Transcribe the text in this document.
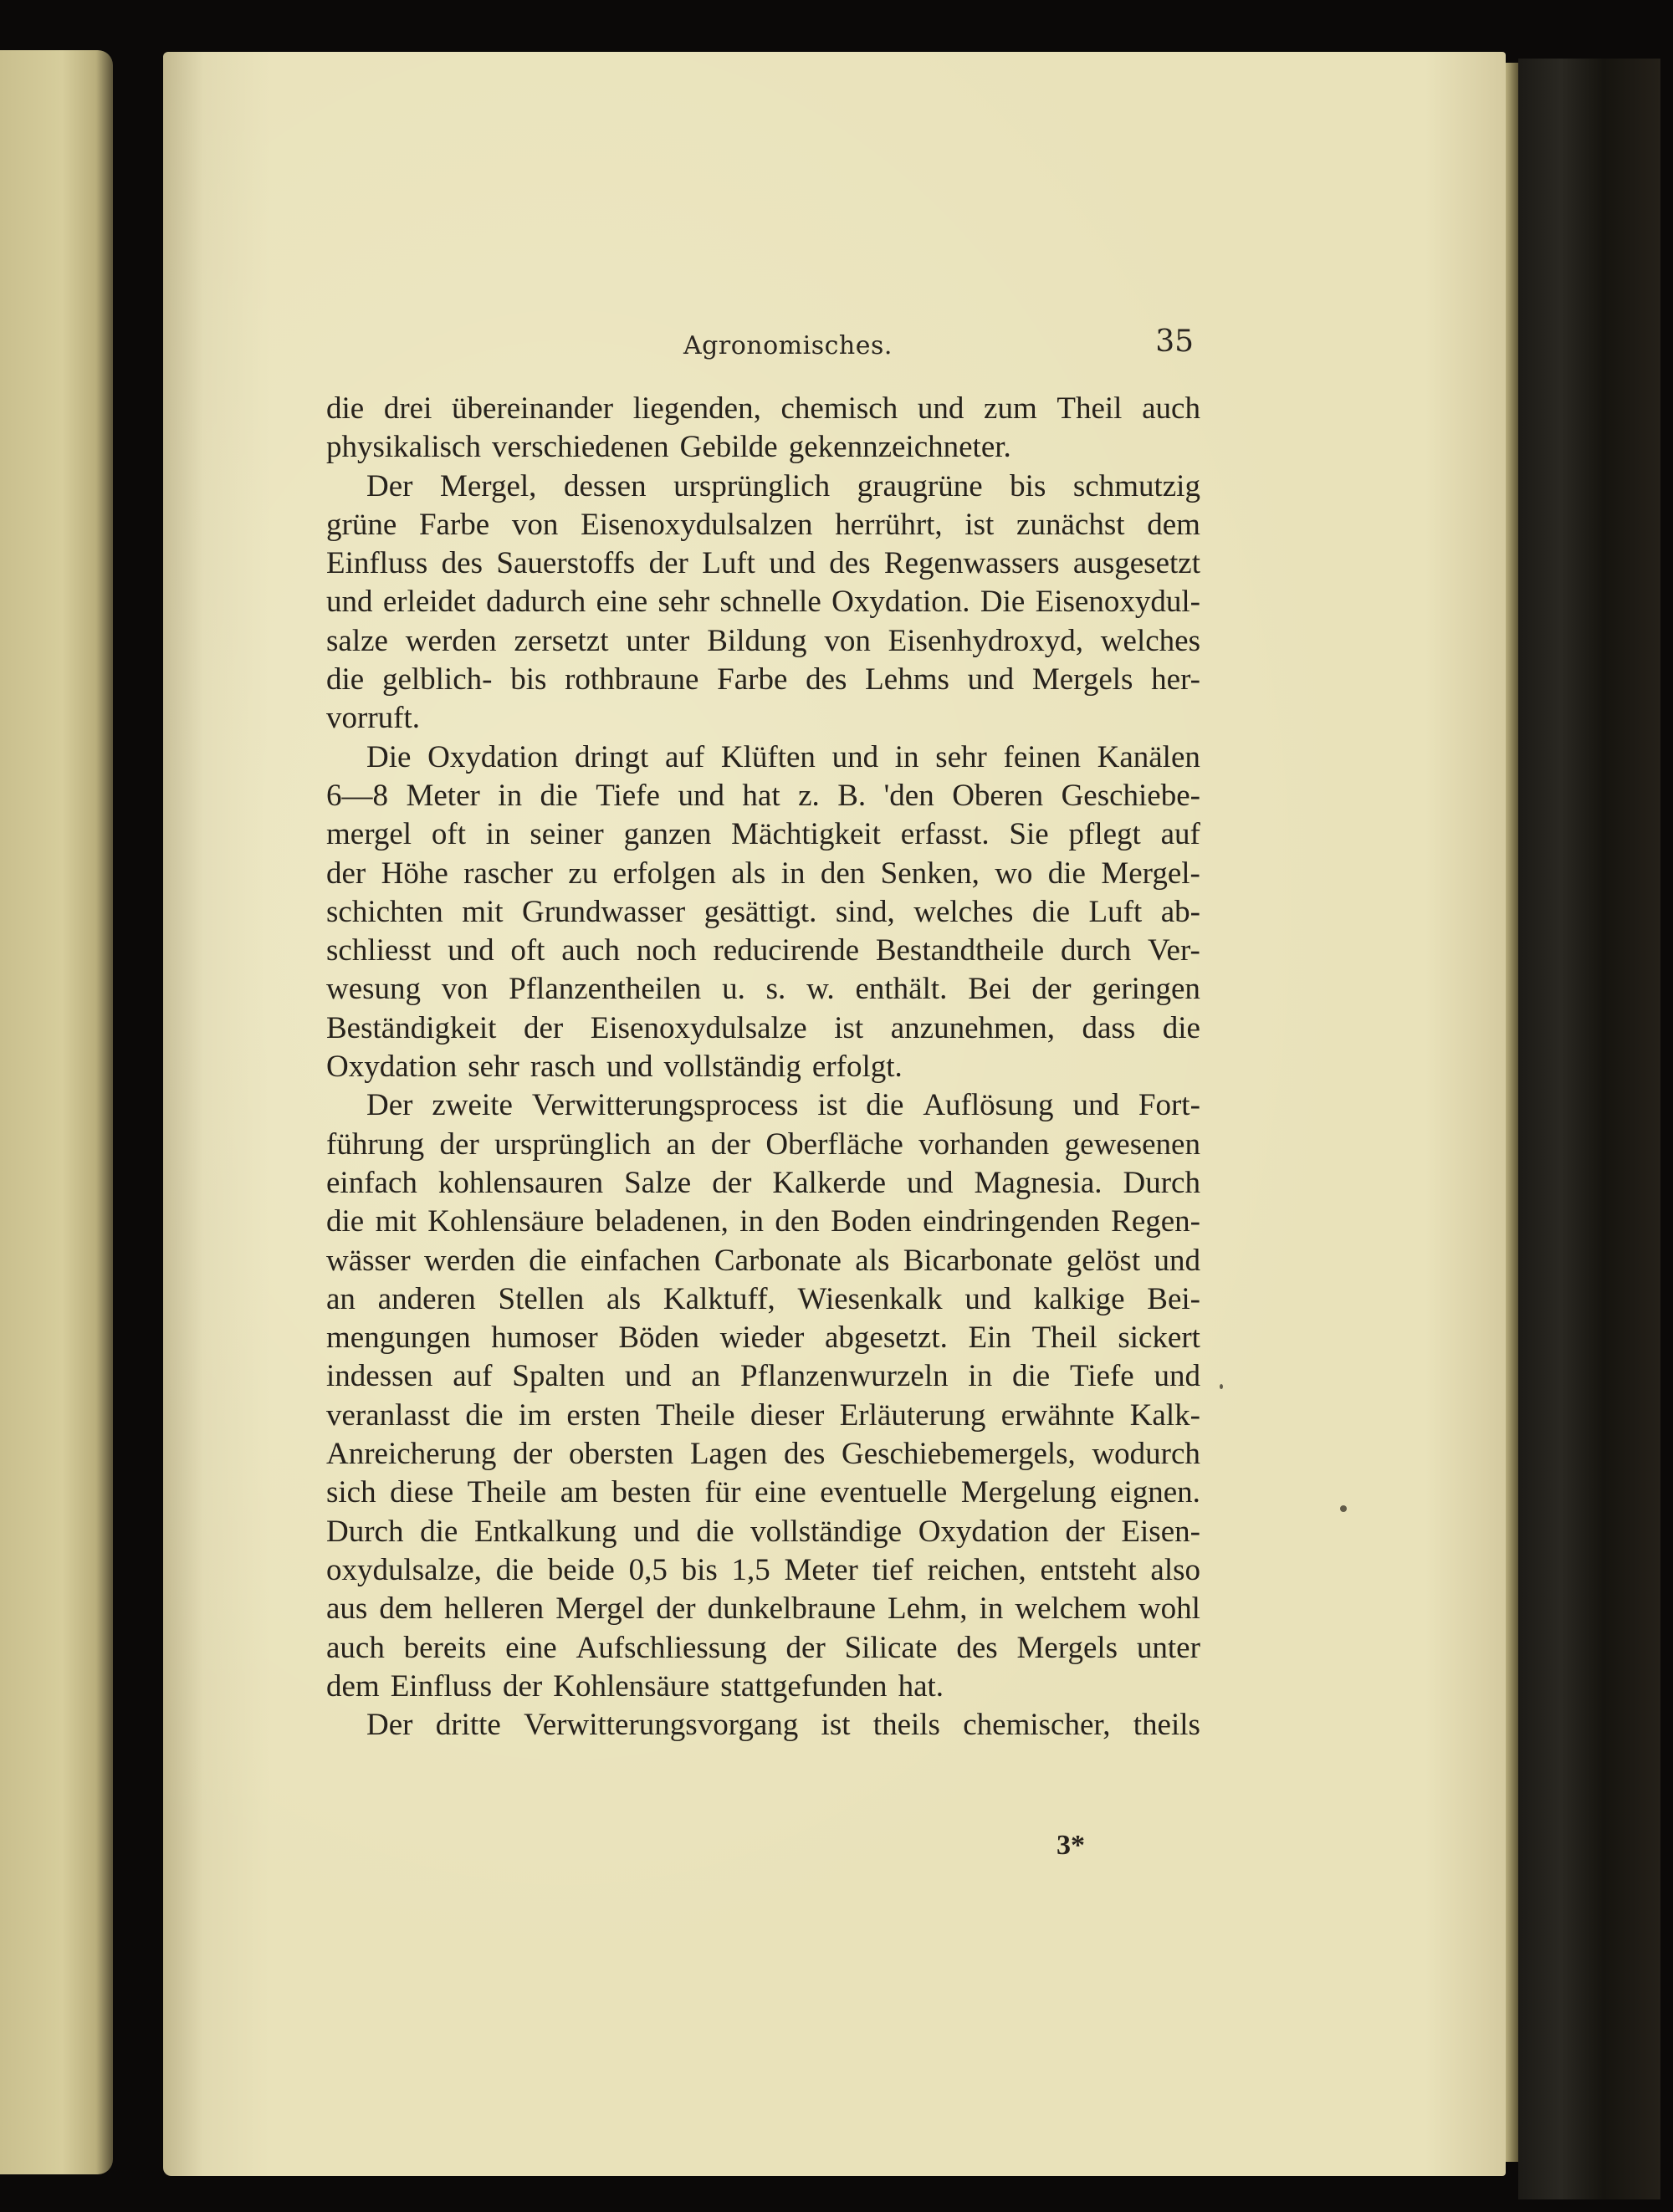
Agronomisches.	35
die drei übereinander liegenden, chemisch und zum Theil auch
physikalisch verschiedenen Gebilde gekennzeichneter.
Der Mergel, dessen ursprünglich graugrüne bis schmutzig
grüne Farbe von Eisenoxydulsalzen herrührt, ist zunächst dem
Einfluss des Sauerstoffs der Luft und des Regenwassers ausgesetzt
und erleidet dadurch eine sehr schnelle Oxydation. Die Eisenoxydul-
salze werden zersetzt unter Bildung von Eisenhydroxyd, welches
die gelblich- bis rothbraune Farbe des Lehms und Mergels her-
vorruft.
Die Oxydation dringt auf Klüften und in sehr feinen Kanälen
6—8 Meter in die Tiefe und hat z. B. 'den Oberen Geschiebe-
mergel oft in seiner ganzen Mächtigkeit erfasst. Sie pflegt auf
der Höhe rascher zu erfolgen als in den Senken, wo die Mergel-
schichten mit Grundwasser gesättigt. sind, welches die Luft ab-
schliesst und oft auch noch reducirende Bestandtheile durch Ver-
wesung von Pflanzentheilen u. s. w. enthält. Bei der geringen
Beständigkeit der Eisenoxydulsalze ist anzunehmen, dass die
Oxydation sehr rasch und vollständig erfolgt.
Der zweite Verwitterungsprocess ist die Auflösung und Fort-
führung der ursprünglich an der Oberfläche vorhanden gewesenen
einfach kohlensauren Salze der Kalkerde und Magnesia. Durch
die mit Kohlensäure beladenen, in den Boden eindringenden Regen-
wässer werden die einfachen Carbonate als Bicarbonate gelöst und
an anderen Stellen als Kalktuff, Wiesenkalk und kalkige Bei-
mengungen humoser Böden wieder abgesetzt. Ein Theil sickert
indessen auf Spalten und an Pflanzenwurzeln in die Tiefe und
veranlasst die im ersten Theile dieser Erläuterung erwähnte Kalk-
Anreicherung der obersten Lagen des Geschiebemergels, wodurch
sich diese Theile am besten für eine eventuelle Mergelung eignen.
Durch die Entkalkung und die vollständige Oxydation der Eisen-
oxydulsalze, die beide 0,5 bis 1,5 Meter tief reichen, entsteht also
aus dem helleren Mergel der dunkelbraune Lehm, in welchem wohl
auch bereits eine Aufschliessung der Silicate des Mergels unter
dem Einfluss der Kohlensäure stattgefunden hat.
Der dritte Verwitterungsvorgang ist theils chemischer, theils
3*
